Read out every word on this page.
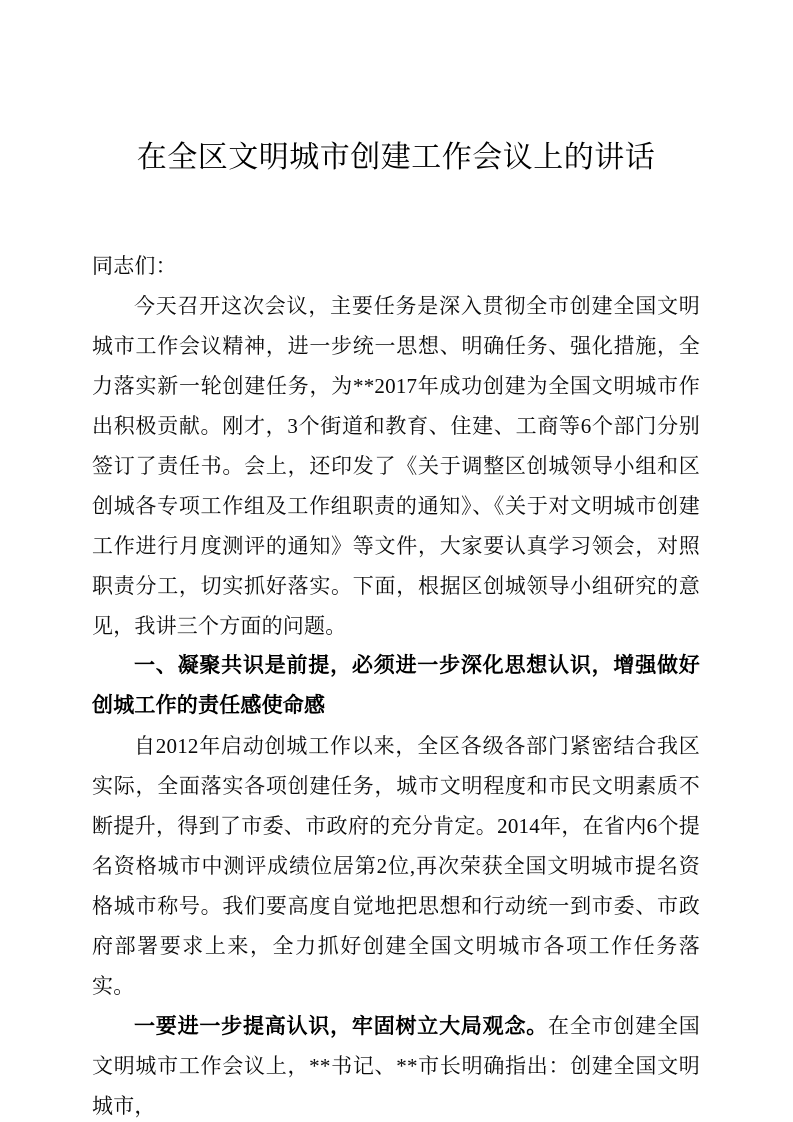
在全区文明城市创建工作会议上的讲话

同志们：

今天召开这次会议，主要任务是深入贯彻全市创建全国文明城市工作会议精神，进一步统一思想、明确任务、强化措施，全力落实新一轮创建任务，为**2017年成功创建为全国文明城市作出积极贡献。刚才，3个街道和教育、住建、工商等6个部门分别签订了责任书。会上，还印发了《关于调整区创城领导小组和区创城各专项工作组及工作组职责的通知》、《关于对文明城市创建工作进行月度测评的通知》等文件，大家要认真学习领会，对照职责分工，切实抓好落实。下面，根据区创城领导小组研究的意见，我讲三个方面的问题。

一、凝聚共识是前提，必须进一步深化思想认识，增强做好创城工作的责任感使命感

自2012年启动创城工作以来，全区各级各部门紧密结合我区实际，全面落实各项创建任务，城市文明程度和市民文明素质不断提升，得到了市委、市政府的充分肯定。2014年，在省内6个提名资格城市中测评成绩位居第2位,再次荣获全国文明城市提名资格城市称号。我们要高度自觉地把思想和行动统一到市委、市政府部署要求上来，全力抓好创建全国文明城市各项工作任务落实。

一要进一步提高认识，牢固树立大局观念。在全市创建全国文明城市工作会议上，**书记、**市长明确指出：创建全国文明城市，
